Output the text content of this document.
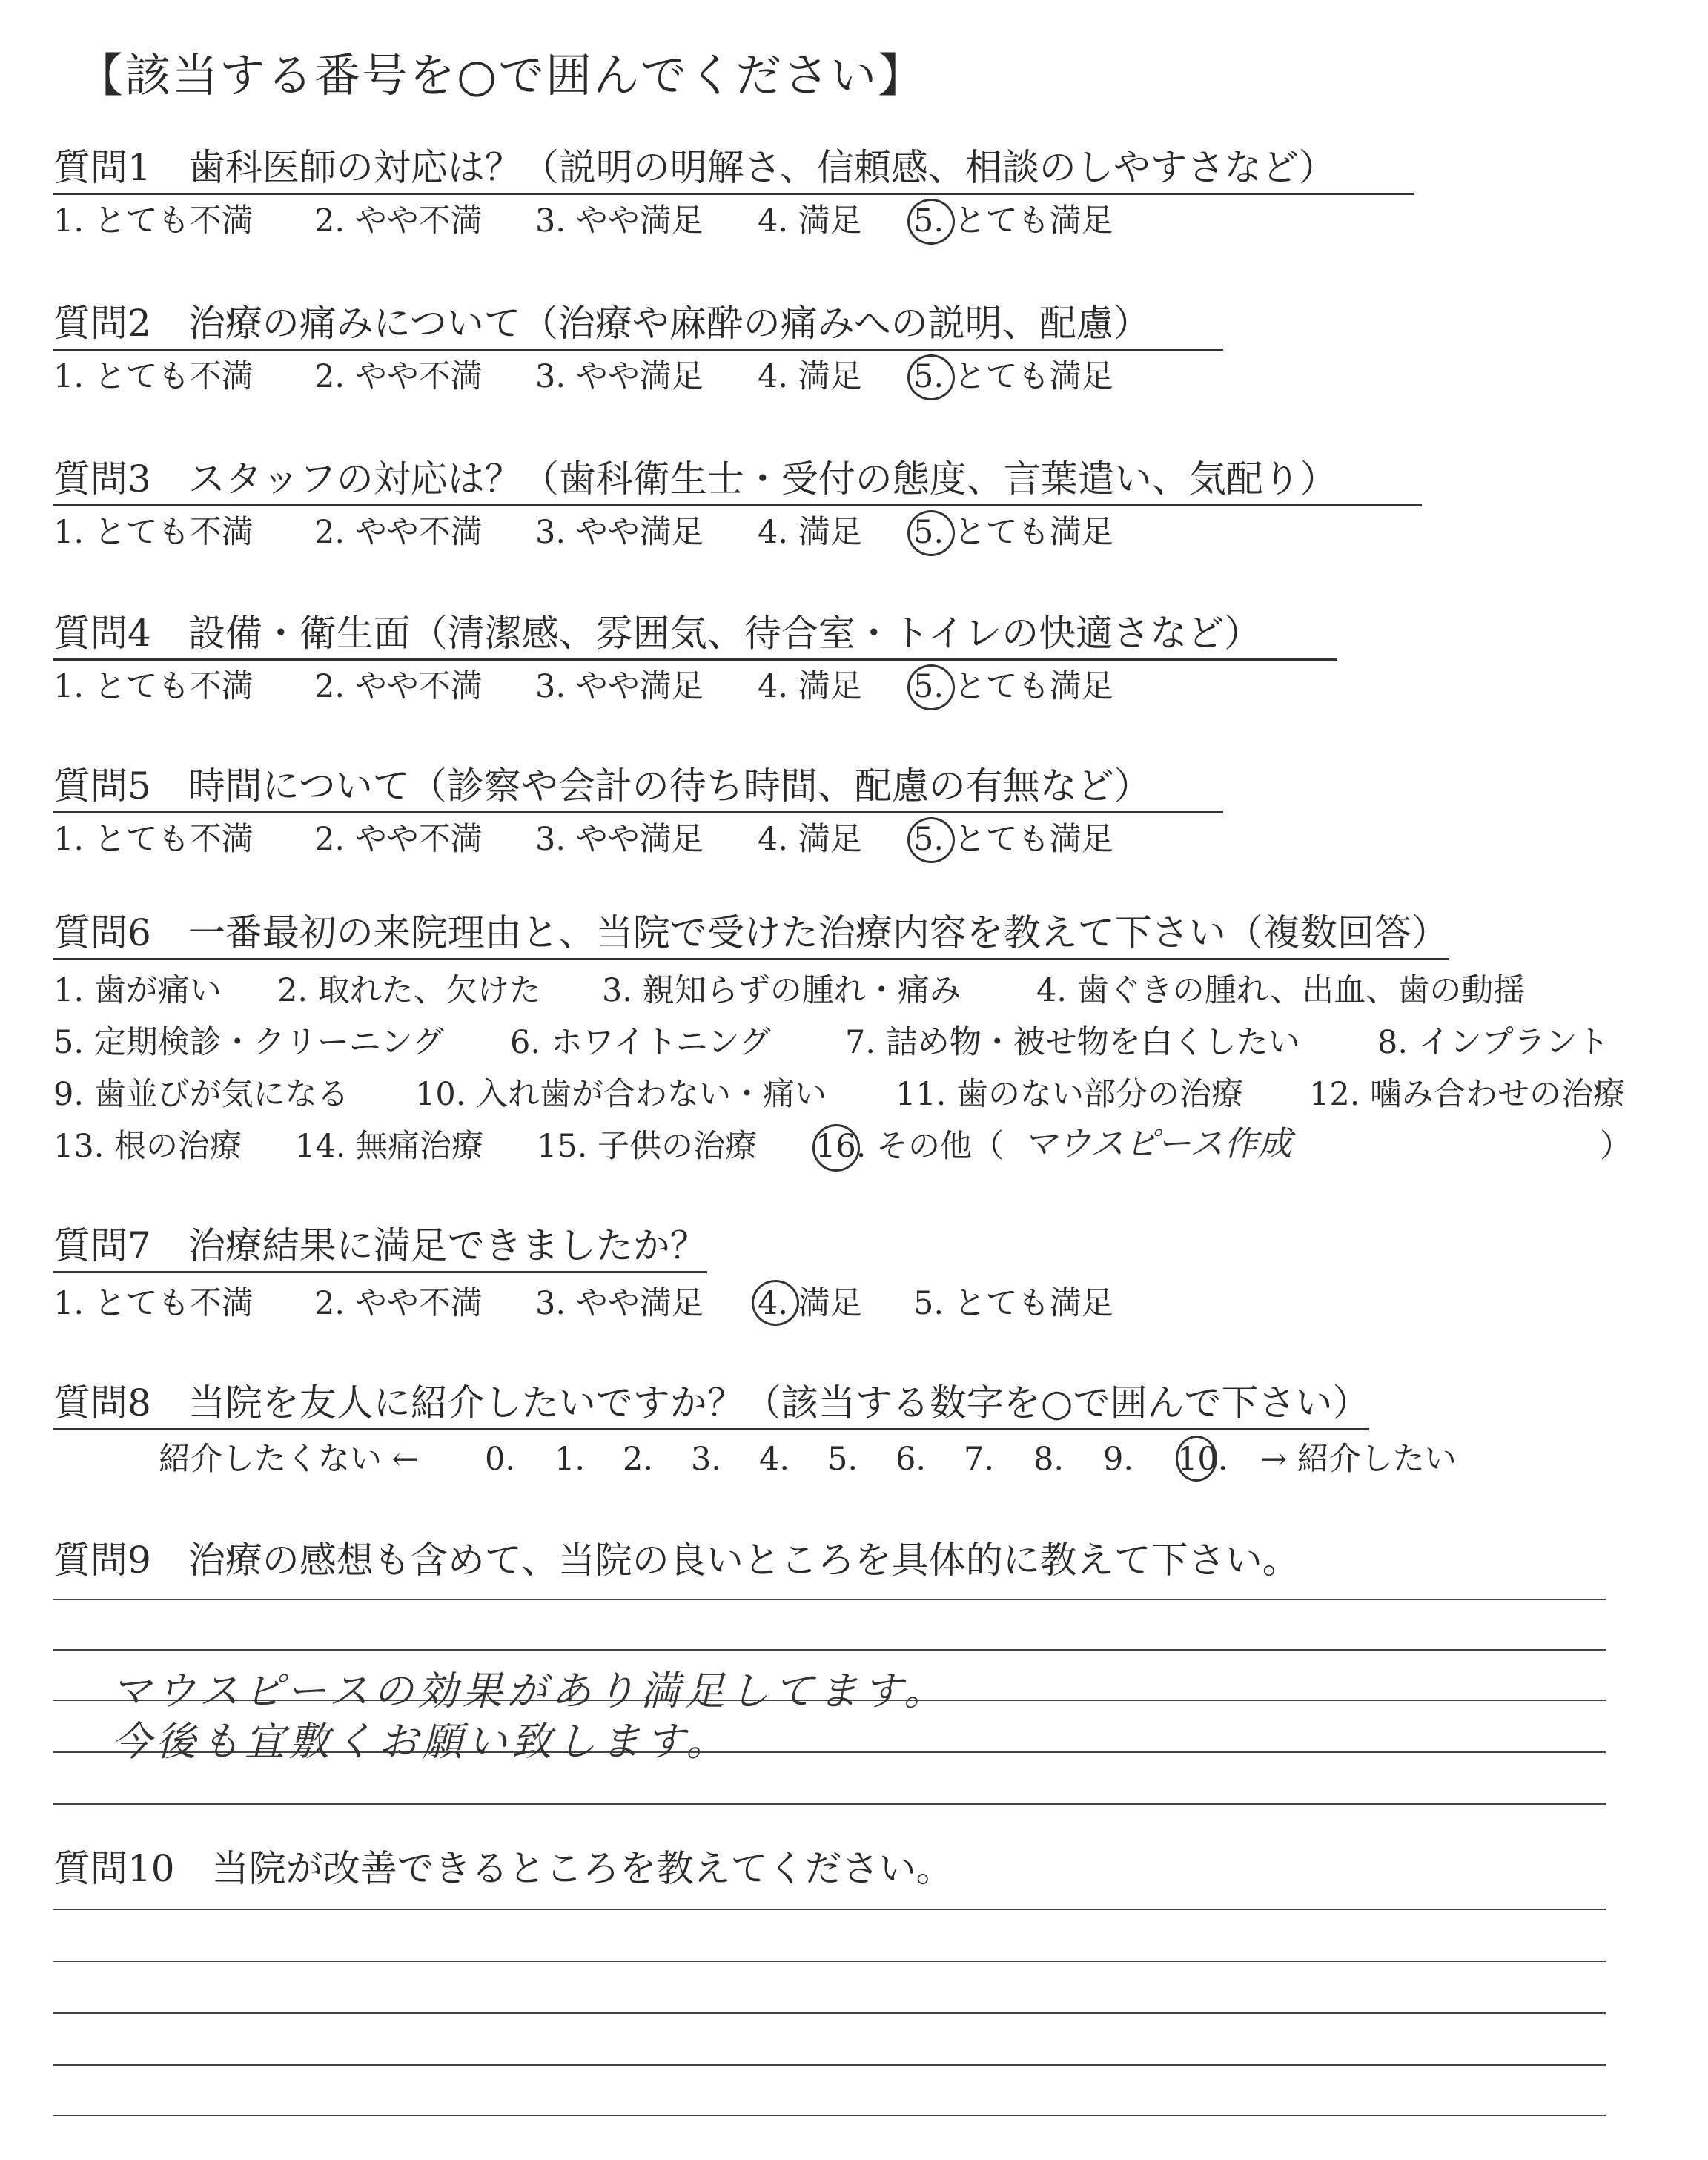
【該当する番号を○で囲んでください】
質問1 歯科医師の対応は？（説明の明解さ、信頼感、相談のしやすさなど）
1. とても不満 2. やや不満 3. やや満足 4. 満足 5. とても満足
質問2 治療の痛みについて（治療や麻酔の痛みへの説明、配慮）
1. とても不満 2. やや不満 3. やや満足 4. 満足 5. とても満足
質問3 スタッフの対応は？（歯科衛生士・受付の態度、言葉遣い、気配り）
1. とても不満 2. やや不満 3. やや満足 4. 満足 5. とても満足
質問4 設備・衛生面（清潔感、雰囲気、待合室・トイレの快適さなど）
1. とても不満 2. やや不満 3. やや満足 4. 満足 5. とても満足
質問5 時間について（診察や会計の待ち時間、配慮の有無など）
1. とても不満 2. やや不満 3. やや満足 4. 満足 5. とても満足
質問6 一番最初の来院理由と、当院で受けた治療内容を教えて下さい（複数回答）
1. 歯が痛い 2. 取れた、欠けた 3. 親知らずの腫れ・痛み 4. 歯ぐきの腫れ、出血、歯の動揺
5. 定期検診・クリーニング 6. ホワイトニング 7. 詰め物・被せ物を白くしたい 8. インプラント
9. 歯並びが気になる 10. 入れ歯が合わない・痛い 11. 歯のない部分の治療 12. 噛み合わせの治療
13. 根の治療 14. 無痛治療 15. 子供の治療 16. その他（ マウスピース作成	）
質問7 治療結果に満足できましたか？
1. とても不満 2. やや不満 3. やや満足 4. 満足 5. とても満足
質問8 当院を友人に紹介したいですか？（該当する数字を○で囲んで下さい）
紹介したくない ← 0. 1. 2. 3. 4. 5. 6. 7. 8. 9. 10. → 紹介したい
質問9 治療の感想も含めて、当院の良いところを具体的に教えて下さい。
マウスピースの効果があり満足してます。
今後も宜敷くお願い致します。
質問10 当院が改善できるところを教えてください。
